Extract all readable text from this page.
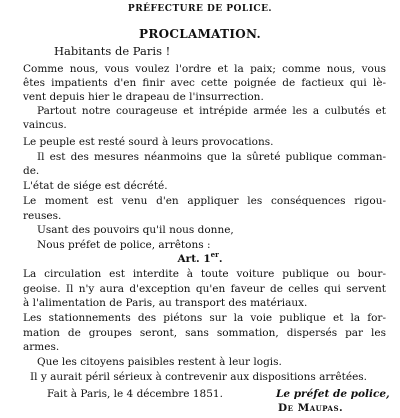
PRÉFECTURE DE POLICE.
PROCLAMATION.
Habitants de Paris !
Comme nous, vous voulez l'ordre et la paix; comme nous, vous
êtes impatients d'en finir avec cette poignée de factieux qui lè-
vent depuis hier le drapeau de l'insurrection.
Partout notre courageuse et intrépide armée les a culbutés et
vaincus.
Le peuple est resté sourd à leurs provocations.
Il est des mesures néanmoins que la sûreté publique comman-
de.
L'état de siége est décrété.
Le moment est venu d'en appliquer les conséquences rigou-
reuses.
Usant des pouvoirs qu'il nous donne,
Nous préfet de police, arrêtons :
Art. 1er.
La circulation est interdite à toute voiture publique ou bour-
geoise. Il n'y aura d'exception qu'en faveur de celles qui servent
à l'alimentation de Paris, au transport des matériaux.
Les stationnements des piétons sur la voie publique et la for-
mation de groupes seront, sans sommation, dispersés par les
armes.
Que les citoyens paisibles restent à leur logis.
Il y aurait péril sérieux à contrevenir aux dispositions arrêtées.
Fait à Paris, le 4 décembre 1851.	Le préfet de police,
De Maupas.
